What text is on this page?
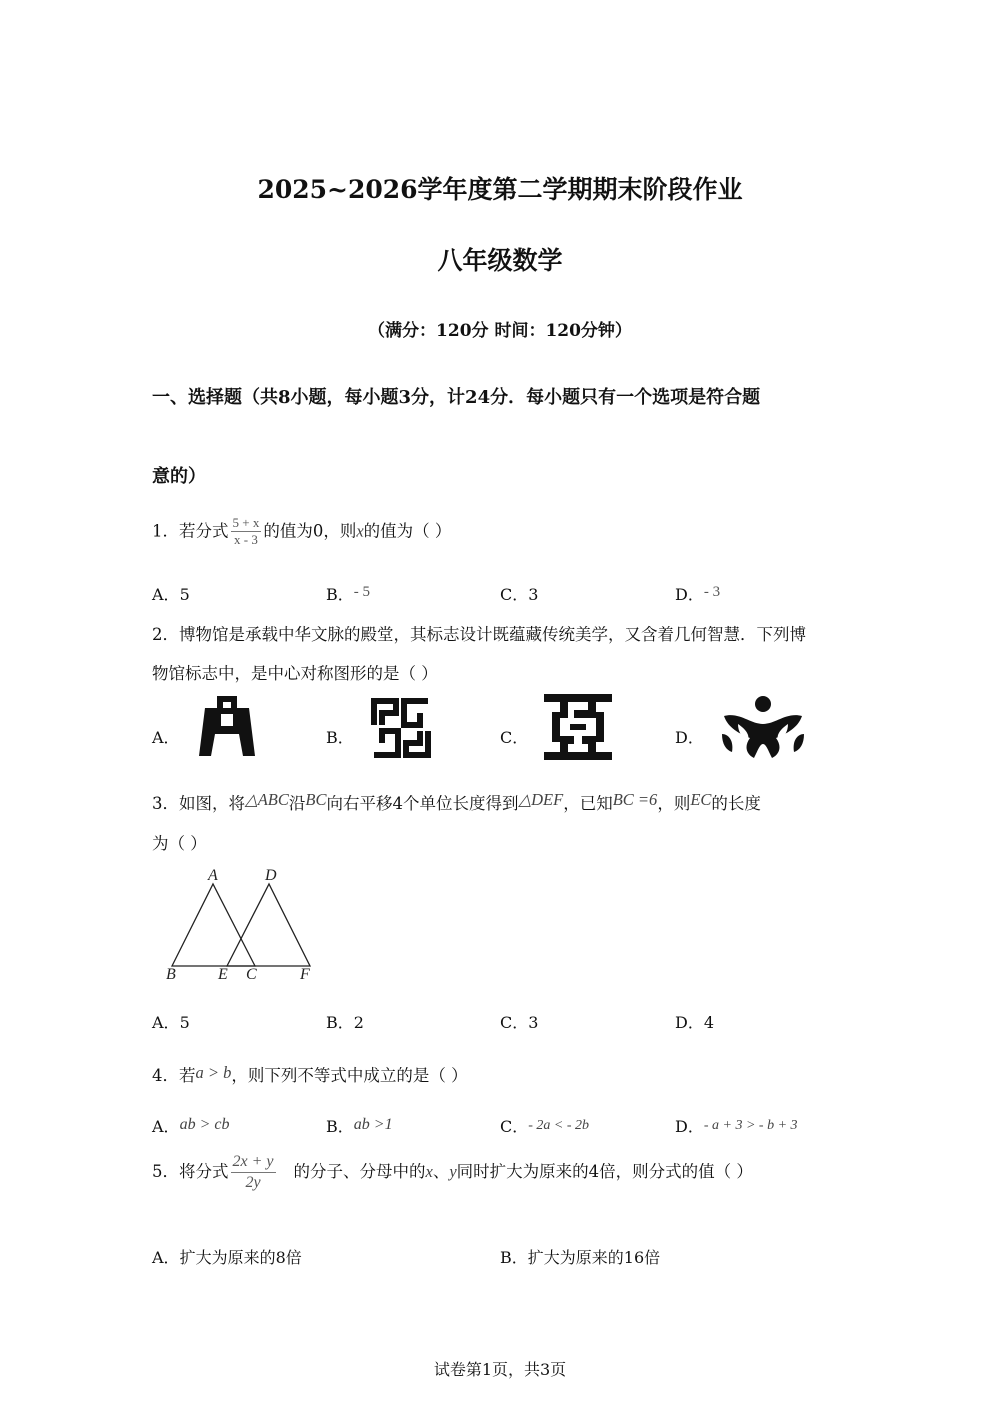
2025~2026学年度第二学期期末阶段作业
八年级数学
（满分：120分 时间：120分钟）
一、选择题（共8小题，每小题3分，计24分．每小题只有一个选项是符合题
意的）
1．若分式 $\frac{5 + x}{x - 3}$ 的值为0，则x的值为（ ）
A．5	B．- 5	C．3	D．- 3
2．博物馆是承载中华文脉的殿堂，其标志设计既蕴藏传统美学，又含着几何智慧．下列博
物馆标志中，是中心对称图形的是（ ）
A．	B．	C．	D．
3．如图，将△ABC沿BC向右平移4个单位长度得到△DEF，已知BC =6，则EC的长度
为（ ）
A	D
B	E C	F
A．5	B．2	C．3	D．4
4．若a > b，则下列不等式中成立的是（ ）
A．ab > cb	B．ab >1	C．- 2a < - 2b	D．- a + 3 > - b + 3
5．将分式 $\frac{2x + y}{2y}$ 的分子、分母中的x、y同时扩大为原来的4倍，则分式的值（ ）
A．扩大为原来的8倍	B．扩大为原来的16倍
试卷第1页，共3页
